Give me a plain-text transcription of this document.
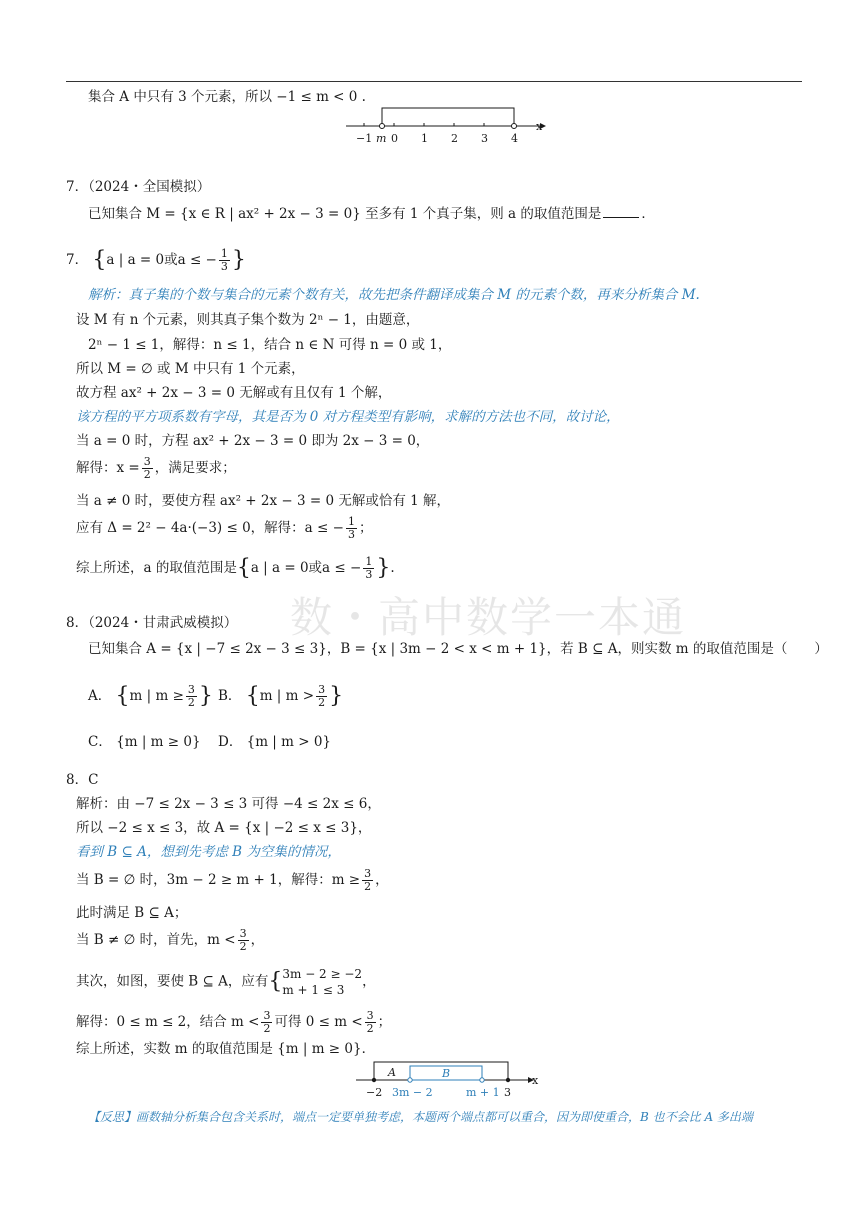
数・高中数学一本通
集合 A 中只有 3 个元素，所以 −1 ≤ m < 0 .
x
−1 m 0 1 2 3 4
7．（2024・全国模拟）
已知集合 M = {x ∈ R | ax² + 2x − 3 = 0} 至多有 1 个真子集，则 a 的取值范围是	．
7． {a | a = 0或a ≤ − $\frac{1}{3}$ }
解析：真子集的个数与集合的元素个数有关，故先把条件翻译成集合 M 的元素个数，再来分析集合 M.
设 M 有 n 个元素，则其真子集个数为 2ⁿ − 1，由题意，
2ⁿ − 1 ≤ 1，解得：n ≤ 1，结合 n ∈ N 可得 n = 0 或 1，
所以 M = ∅ 或 M 中只有 1 个元素，
故方程 ax² + 2x − 3 = 0 无解或有且仅有 1 个解，
该方程的平方项系数有字母，其是否为 0 对方程类型有影响，求解的方法也不同，故讨论，
当 a = 0 时，方程 ax² + 2x − 3 = 0 即为 2x − 3 = 0，
解得：$x = \frac{3}{2}$ ，满足要求；
当 a ≠ 0 时，要使方程 ax² + 2x − 3 = 0 无解或恰有 1 解，
应有 Δ = 2² − 4a·(−3) ≤ 0，解得：a ≤ − $\frac{1}{3}$ ；
综上所述，a 的取值范围是{a | a = 0或a ≤ − $\frac{1}{3}$ }.
8．（2024・甘肃武威模拟）
已知集合 A = {x | −7 ≤ 2x − 3 ≤ 3}，B = {x | 3m − 2 < x < m + 1}，若 B ⊆ A，则实数 m 的取值范围是（　　）
A． {m | $m \ge \frac{3}{2}$ } B． {m | $m > \frac{3}{2}$ }
C． {m | m ≥ 0} D． {m | m > 0}
8．C
解析：由 −7 ≤ 2x − 3 ≤ 3 可得 −4 ≤ 2x ≤ 6，
所以 −2 ≤ x ≤ 3，故 A = {x | −2 ≤ x ≤ 3}，
看到 B ⊆ A，想到先考虑 B 为空集的情况，
当 B = ∅ 时，3m − 2 ≥ m + 1，解得：$m \ge \frac{3}{2}$ ，
此时满足 B ⊆ A；
当 B ≠ ∅ 时，首先，$m < \frac{3}{2}$ ，
其次，如图，要使 B ⊆ A，应有{ 3m − 2 ≥ −2
m + 1 ≤ 3
，
解得：0 ≤ m ≤ 2，结合 $m < \frac{3}{2}$ 可得 $0 \le m < \frac{3}{2}$ ；
综上所述，实数 m 的取值范围是 {m | m ≥ 0}．
x
A	B
−2 3m − 2	m + 1 3
【反思】画数轴分析集合包含关系时，端点一定要单独考虑，本题两个端点都可以重合，因为即使重合，B 也不会比 A 多出端
